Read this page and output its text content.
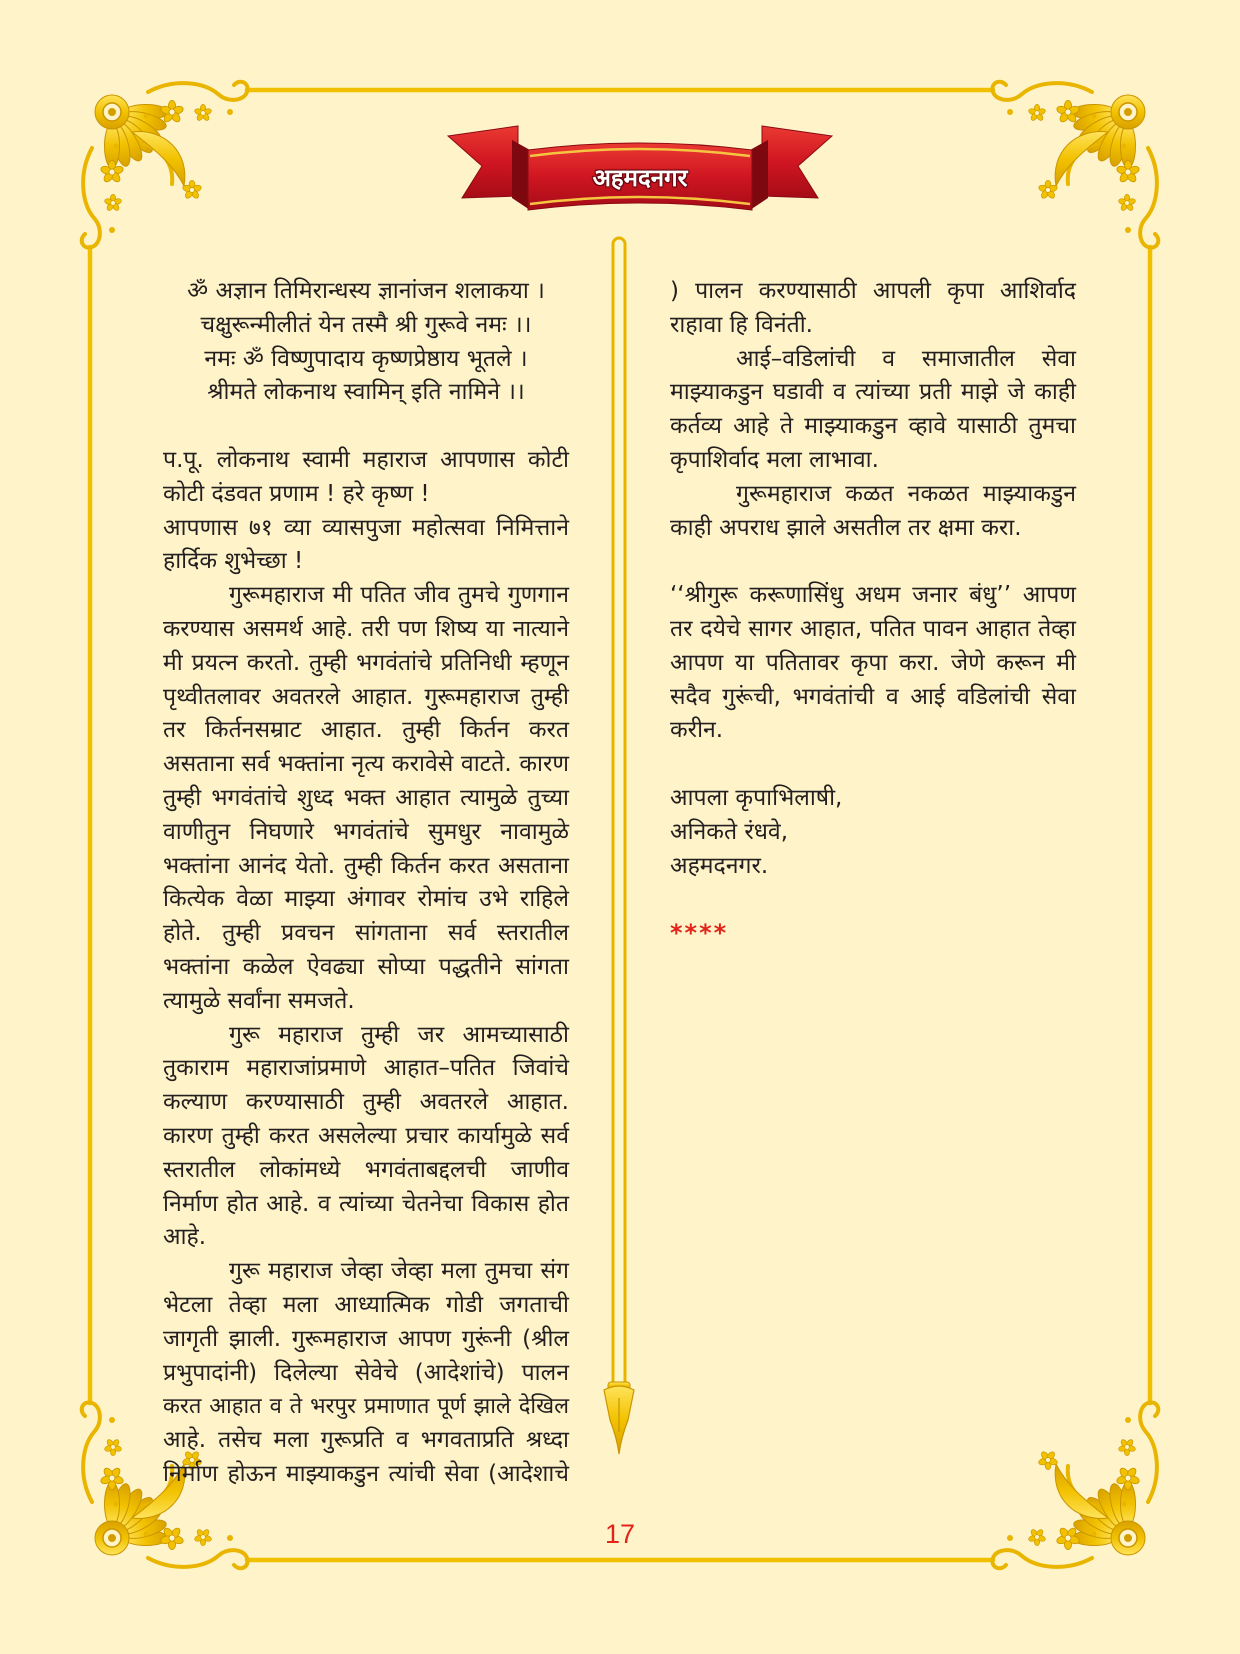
अहमदनगर
ॐ अज्ञान तिमिरान्धस्य ज्ञानांजन शलाकया ।
चक्षुरून्मीलीतं येन तस्मै श्री गुरूवे नमः ।।
नमः ॐ विष्णुपादाय कृष्णप्रेष्ठाय भूतले ।
श्रीमते लोकनाथ स्वामिन् इति नामिने ।।
प.पू. लोकनाथ स्वामी महाराज आपणास कोटी
कोटी दंडवत प्रणाम ! हरे कृष्ण !
आपणास ७१ व्या व्यासपुजा महोत्सवा निमित्ताने
हार्दिक शुभेच्छा !
गुरूमहाराज मी पतित जीव तुमचे गुणगान
करण्यास असमर्थ आहे. तरी पण शिष्य या नात्याने
मी प्रयत्न करतो. तुम्ही भगवंतांचे प्रतिनिधी म्हणून
पृथ्वीतलावर अवतरले आहात. गुरूमहाराज तुम्ही
तर किर्तनसम्राट आहात. तुम्ही किर्तन करत
असताना सर्व भक्तांना नृत्य करावेसे वाटते. कारण
तुम्ही भगवंतांचे शुध्द भक्त आहात त्यामुळे तुच्या
वाणीतुन निघणारे भगवंतांचे सुमधुर नावामुळे
भक्तांना आनंद येतो. तुम्ही किर्तन करत असताना
कित्येक वेळा माझ्या अंगावर रोमांच उभे राहिले
होते. तुम्ही प्रवचन सांगताना सर्व स्तरातील
भक्तांना कळेल ऐवढ्या सोप्या पद्धतीने सांगता
त्यामुळे सर्वांना समजते.
गुरू महाराज तुम्ही जर आमच्यासाठी
तुकाराम महाराजांप्रमाणे आहात–पतित जिवांचे
कल्याण करण्यासाठी तुम्ही अवतरले आहात.
कारण तुम्ही करत असलेल्या प्रचार कार्यामुळे सर्व
स्तरातील लोकांमध्ये भगवंताबद्दलची जाणीव
निर्माण होत आहे. व त्यांच्या चेतनेचा विकास होत
आहे.
गुरू महाराज जेव्हा जेव्हा मला तुमचा संग
भेटला तेव्हा मला आध्यात्मिक गोडी जगताची
जागृती झाली. गुरूमहाराज आपण गुरूंनी (श्रील
प्रभुपादांनी) दिलेल्या सेवेचे (आदेशांचे) पालन
करत आहात व ते भरपुर प्रमाणात पूर्ण झाले देखिल
आहे. तसेच मला गुरूप्रति व भगवताप्रति श्रध्दा
निर्माण होऊन माझ्याकडुन त्यांची सेवा (आदेशाचे
) पालन करण्यासाठी आपली कृपा आशिर्वाद
राहावा हि विनंती.
आई–वडिलांची व समाजातील सेवा
माझ्याकडुन घडावी व त्यांच्या प्रती माझे जे काही
कर्तव्य आहे ते माझ्याकडुन व्हावे यासाठी तुमचा
कृपाशिर्वाद मला लाभावा.
गुरूमहाराज कळत नकळत माझ्याकडुन
काही अपराध झाले असतील तर क्षमा करा.
‘‘श्रीगुरू करूणासिंधु अधम जनार बंधु’’ आपण
तर दयेचे सागर आहात, पतित पावन आहात तेव्हा
आपण या पतितावर कृपा करा. जेणे करून मी
सदैव गुरूंची, भगवंतांची व आई वडिलांची सेवा
करीन.
आपला कृपाभिलाषी,
अनिकते रंधवे,
अहमदनगर.
****
17
